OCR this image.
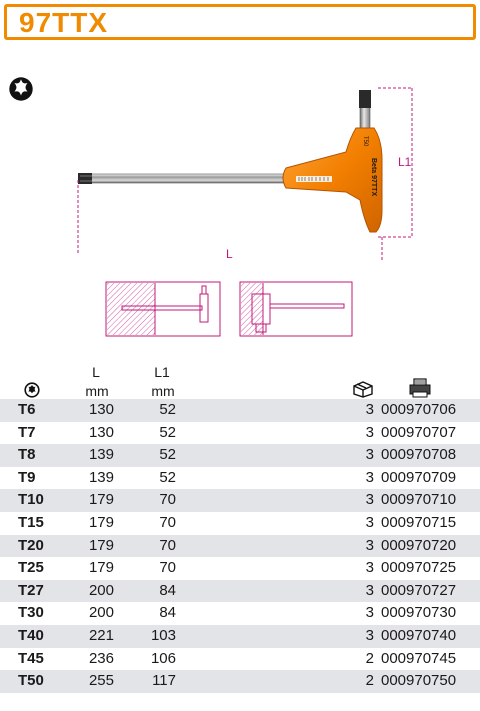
97TTX
Beta 97TTX
T50
L1
L
L
mm
L1
mm
T6	130	52	3 000970706
T7	130	52	3 000970707
T8	139	52	3 000970708
T9	139	52	3 000970709
T10	179	70	3 000970710
T15	179	70	3 000970715
T20	179	70	3 000970720
T25	179	70	3 000970725
T27	200	84	3 000970727
T30	200	84	3 000970730
T40	221	103	3 000970740
T45	236	106	2 000970745
T50	255	117	2 000970750
